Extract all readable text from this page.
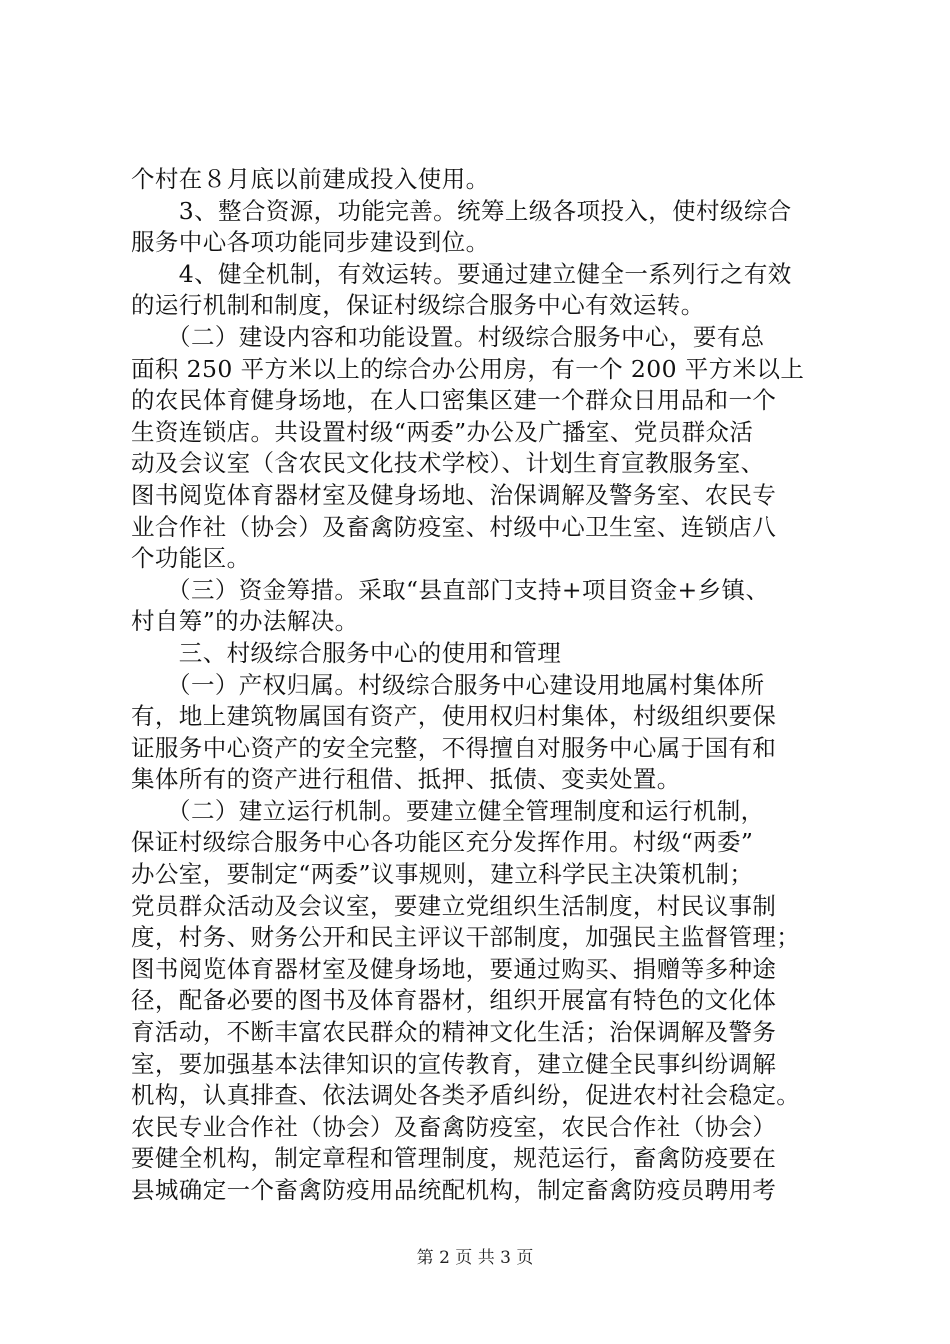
个村在８月底以前建成投入使用。
　　3、整合资源，功能完善。统筹上级各项投入，使村级综合
服务中心各项功能同步建设到位。
　　4、健全机制，有效运转。要通过建立健全一系列行之有效
的运行机制和制度，保证村级综合服务中心有效运转。
　　（二）建设内容和功能设置。村级综合服务中心，要有总
面积 250 平方米以上的综合办公用房，有一个 200 平方米以上
的农民体育健身场地，在人口密集区建一个群众日用品和一个
生资连锁店。共设置村级“两委”办公及广播室、党员群众活
动及会议室（含农民文化技术学校）、计划生育宣教服务室、
图书阅览体育器材室及健身场地、治保调解及警务室、农民专
业合作社（协会）及畜禽防疫室、村级中心卫生室、连锁店八
个功能区。
　　（三）资金筹措。采取“县直部门支持+项目资金+乡镇、
村自筹”的办法解决。
　　三、村级综合服务中心的使用和管理
　　（一）产权归属。村级综合服务中心建设用地属村集体所
有，地上建筑物属国有资产，使用权归村集体，村级组织要保
证服务中心资产的安全完整，不得擅自对服务中心属于国有和
集体所有的资产进行租借、抵押、抵债、变卖处置。
　　（二）建立运行机制。要建立健全管理制度和运行机制，
保证村级综合服务中心各功能区充分发挥作用。村级“两委”
办公室，要制定“两委”议事规则，建立科学民主决策机制；
党员群众活动及会议室，要建立党组织生活制度，村民议事制
度，村务、财务公开和民主评议干部制度，加强民主监督管理；
图书阅览体育器材室及健身场地，要通过购买、捐赠等多种途
径，配备必要的图书及体育器材，组织开展富有特色的文化体
育活动，不断丰富农民群众的精神文化生活；治保调解及警务
室，要加强基本法律知识的宣传教育，建立健全民事纠纷调解
机构，认真排查、依法调处各类矛盾纠纷，促进农村社会稳定。
农民专业合作社（协会）及畜禽防疫室，农民合作社（协会）
要健全机构，制定章程和管理制度，规范运行，畜禽防疫要在
县城确定一个畜禽防疫用品统配机构，制定畜禽防疫员聘用考
第 2 页 共 3 页
